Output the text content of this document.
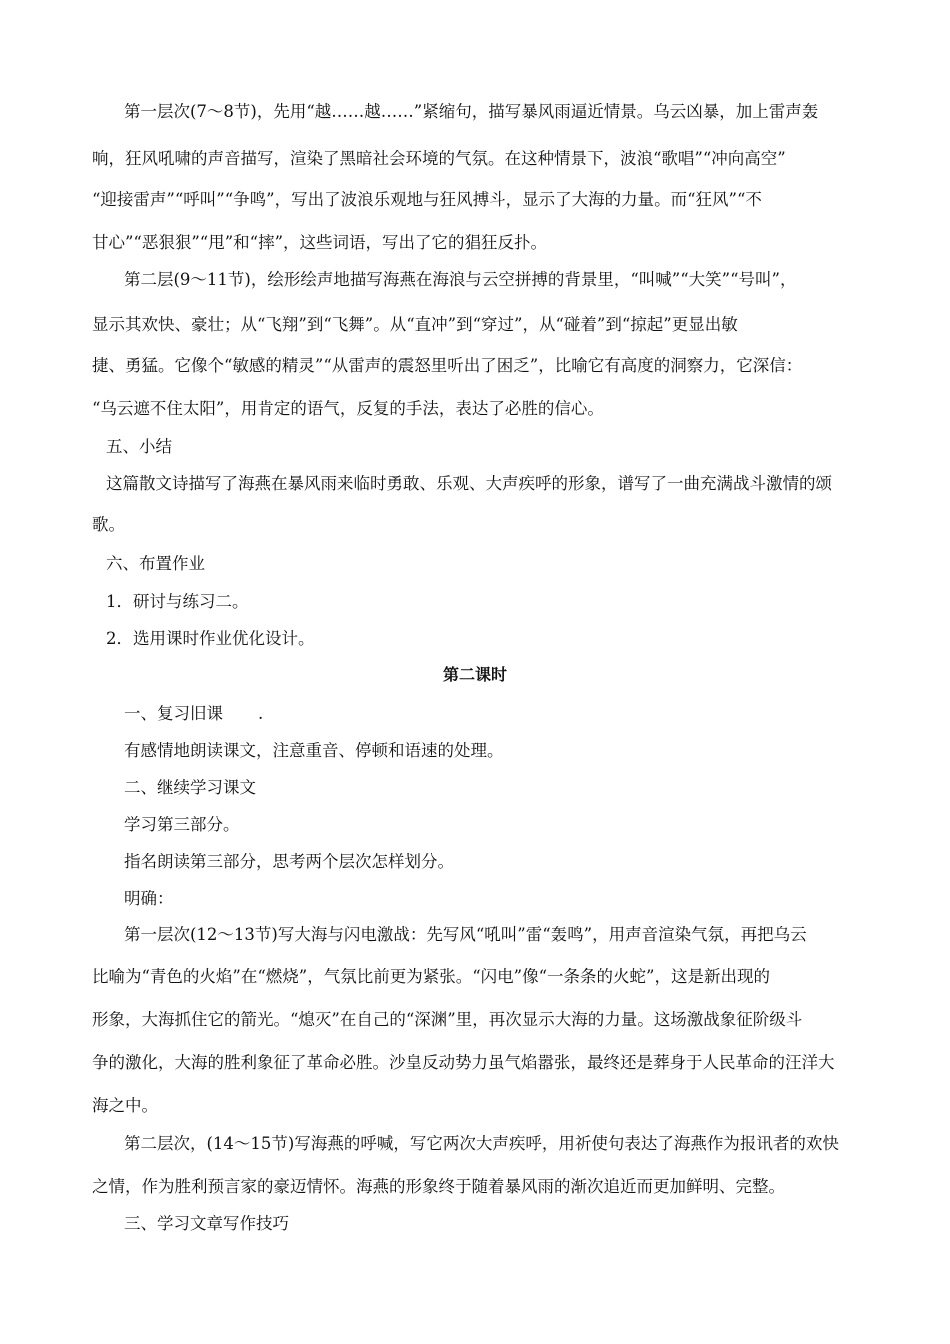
第一层次(7～8节)，先用“越……越……”紧缩句，描写暴风雨逼近情景。乌云凶暴，加上雷声轰
响，狂风吼啸的声音描写，渲染了黑暗社会环境的气氛。在这种情景下，波浪“歌唱”“冲向高空”
“迎接雷声”“呼叫”“争鸣”，写出了波浪乐观地与狂风搏斗，显示了大海的力量。而“狂风”“不
甘心”“恶狠狠”“甩”和“摔”，这些词语，写出了它的猖狂反扑。
第二层(9～11节)，绘形绘声地描写海燕在海浪与云空拼搏的背景里，“叫喊”“大笑”“号叫”，
显示其欢快、豪壮；从“飞翔”到“飞舞”。从“直冲”到“穿过”，从“碰着”到“掠起”更显出敏
捷、勇猛。它像个“敏感的精灵”“从雷声的震怒里听出了困乏”，比喻它有高度的洞察力，它深信：
“乌云遮不住太阳”，用肯定的语气，反复的手法，表达了必胜的信心。
五、小结
这篇散文诗描写了海燕在暴风雨来临时勇敢、乐观、大声疾呼的形象，谱写了一曲充满战斗激情的颂
歌。
六、布置作业
1．研讨与练习二。
2．选用课时作业优化设计。
第二课时
一、复习旧课 .
有感情地朗读课文，注意重音、停顿和语速的处理。
二、继续学习课文
学习第三部分。
指名朗读第三部分，思考两个层次怎样划分。
明确：
第一层次(12～13节)写大海与闪电激战：先写风“吼叫”雷“轰鸣”，用声音渲染气氛，再把乌云
比喻为“青色的火焰”在“燃烧”，气氛比前更为紧张。“闪电”像“一条条的火蛇”，这是新出现的
形象，大海抓住它的箭光。“熄灭”在自己的“深渊”里，再次显示大海的力量。这场激战象征阶级斗
争的激化，大海的胜利象征了革命必胜。沙皇反动势力虽气焰嚣张，最终还是葬身于人民革命的汪洋大
海之中。
第二层次，(14～15节)写海燕的呼喊，写它两次大声疾呼，用祈使句表达了海燕作为报讯者的欢快
之情，作为胜利预言家的豪迈情怀。海燕的形象终于随着暴风雨的渐次追近而更加鲜明、完整。
三、学习文章写作技巧
